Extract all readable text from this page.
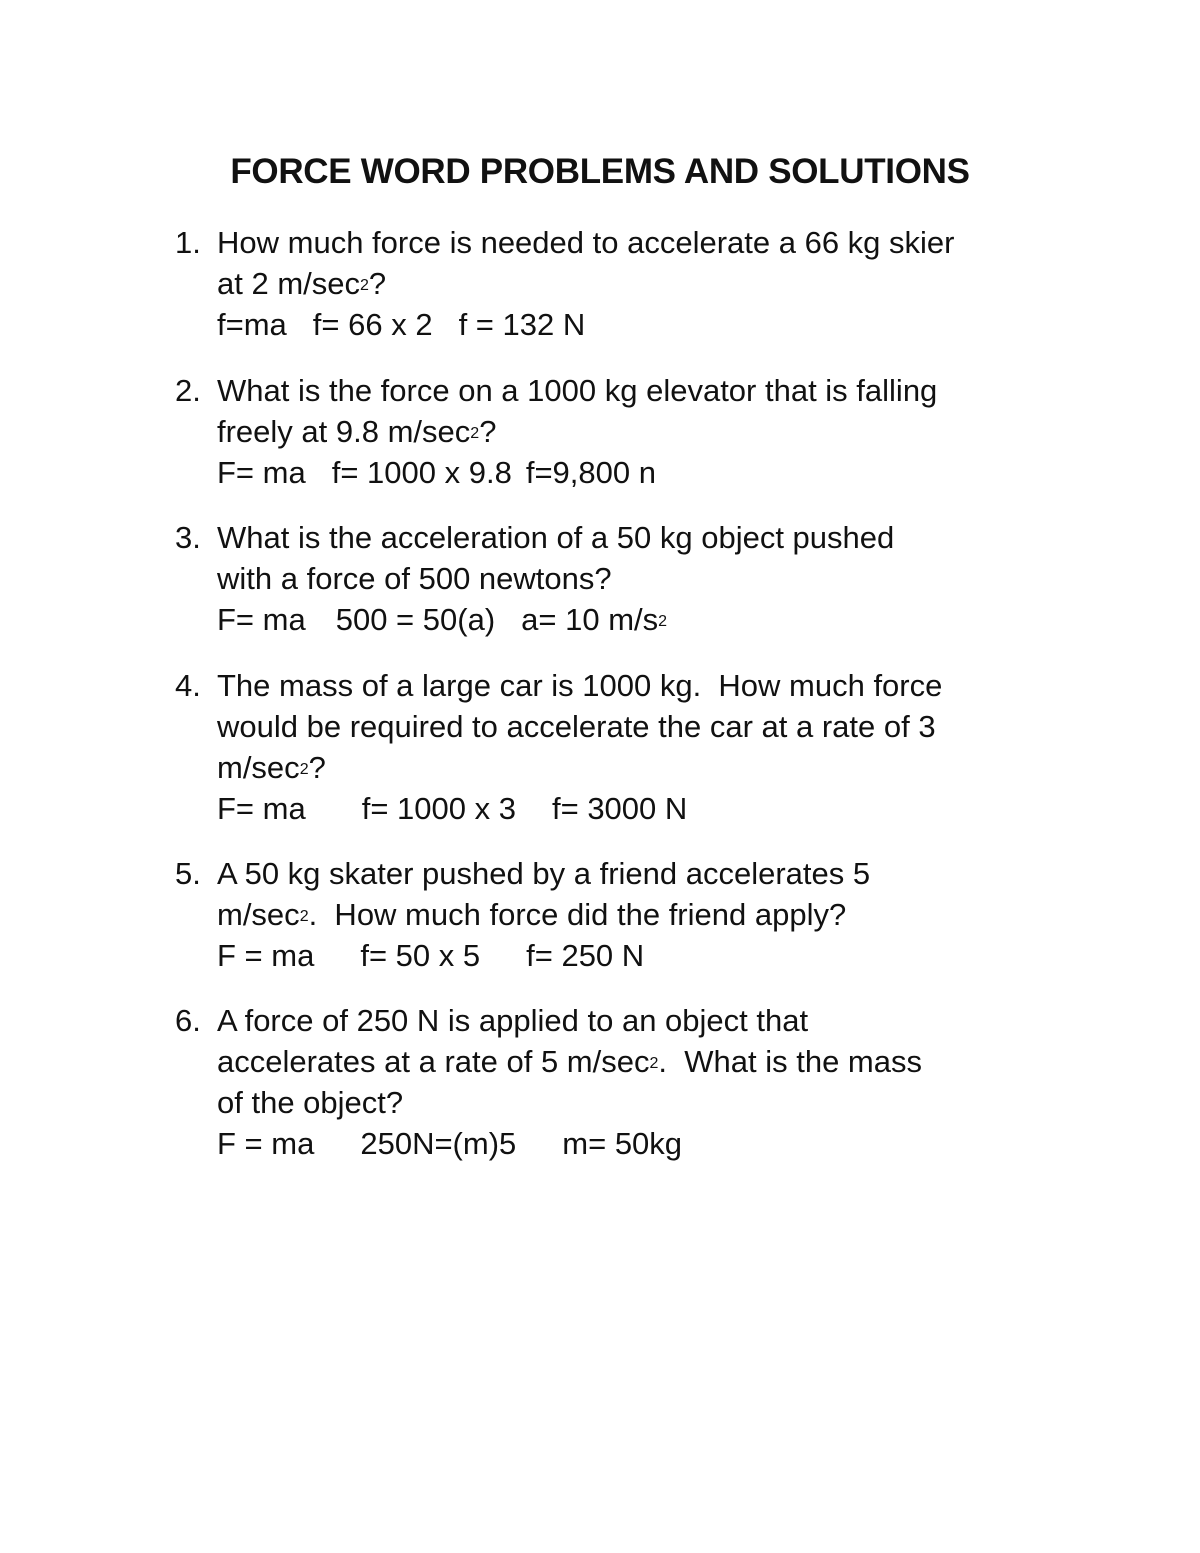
FORCE WORD PROBLEMS AND SOLUTIONS
1. How much force is needed to accelerate a 66 kg skier
at 2 $m/\sec^2$?
f=ma f= 66 x 2 f = 132 N
2. What is the force on a 1000 kg elevator that is falling
freely at 9.8 $m/\sec^2$?
F= ma f= 1000 x 9.8 f=9,800 n
3. What is the acceleration of a 50 kg object pushed
with a force of 500 newtons?
F= ma 500 = 50(a) a= 10 $m/s^2$
4. The mass of a large car is 1000 kg.  How much force
would be required to accelerate the car at a rate of 3
$m/\sec^2$?
F= ma f= 1000 x 3 f= 3000 N
5. A 50 kg skater pushed by a friend accelerates 5
$m/\sec^2$.  How much force did the friend apply?
F = ma f= 50 x 5 f= 250 N
6. A force of 250 N is applied to an object that
accelerates at a rate of 5 $m/\sec^2$.  What is the mass
of the object?
F = ma 250N=(m)5 m= 50kg
